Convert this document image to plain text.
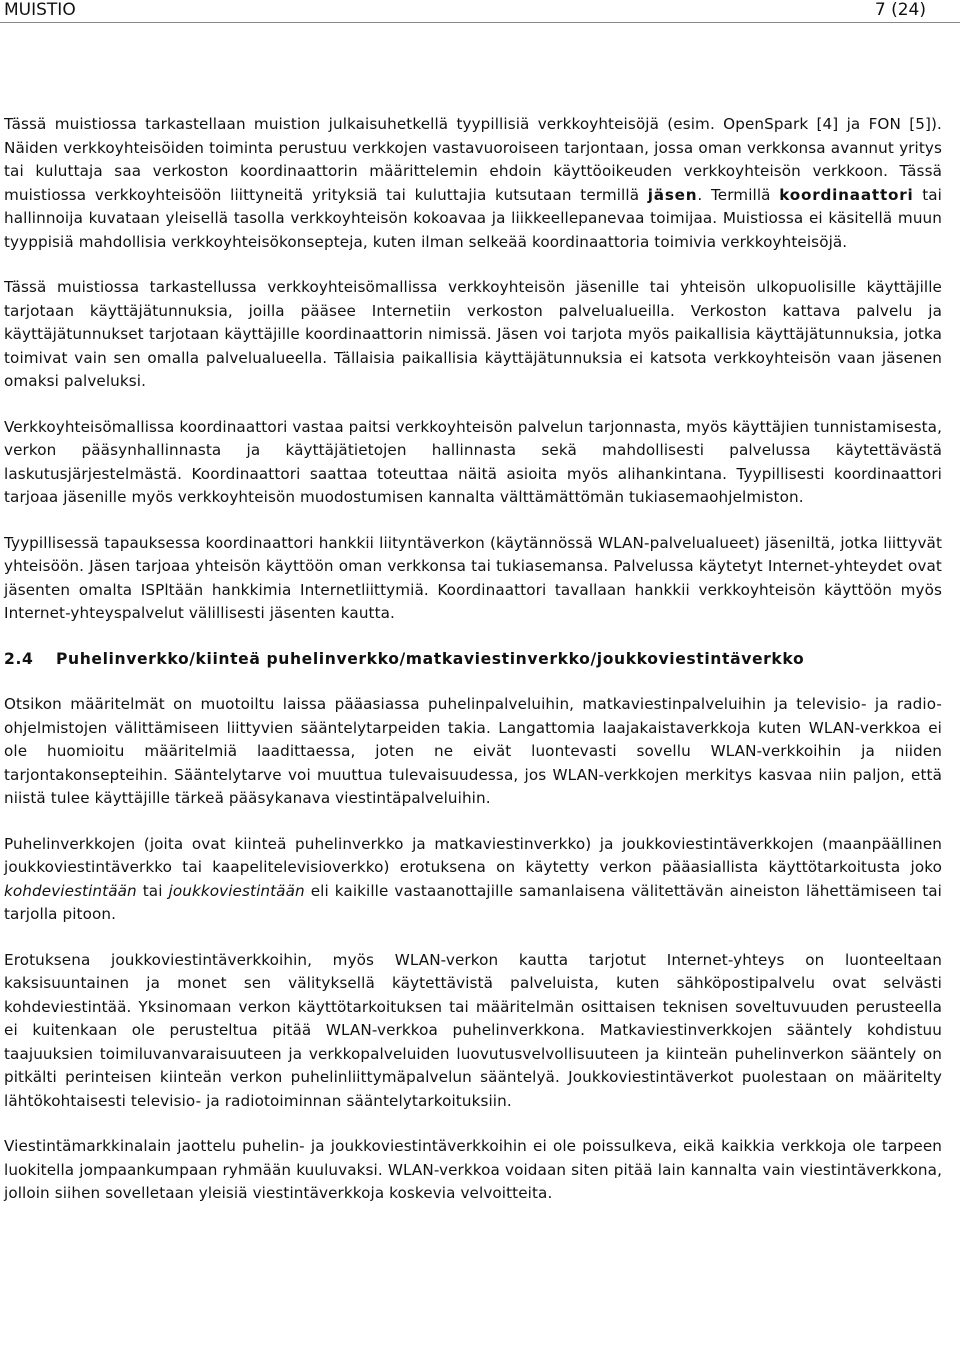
MUISTIO	7 (24)

Tässä muistiossa tarkastellaan muistion julkaisuhetkellä tyypillisiä verkkoyhteisöjä (esim. OpenSpark [4] ja FON [5]). Näiden verkkoyhteisöiden toiminta perustuu verkkojen vastavuoroiseen tarjontaan, jossa oman verkkonsa avannut yritys tai kuluttaja saa verkoston koordinaattorin määrittelemin ehdoin käyttöoikeuden verkkoyhteisön verkkoon. Tässä muistiossa verkkoyhteisöön liittyneitä yrityksiä tai kuluttajia kutsutaan termillä jäsen. Termillä koordinaattori tai hallinnoija kuvataan yleisellä tasolla verkkoyhteisön kokoavaa ja liikkeellepanevaa toimijaa. Muistiossa ei käsitellä muun tyyppisiä mahdollisia verkkoyhteisökonsepteja, kuten ilman selkeää koordinaattoria toimivia verkkoyhteisöjä.

Tässä muistiossa tarkastellussa verkkoyhteisömallissa verkkoyhteisön jäsenille tai yhteisön ulkopuolisille käyttäjille tarjotaan käyttäjätunnuksia, joilla pääsee Internetiin verkoston palvelualueilla. Verkoston kattava palvelu ja käyttäjätunnukset tarjotaan käyttäjille koordinaattorin nimissä. Jäsen voi tarjota myös paikallisia käyttäjätunnuksia, jotka toimivat vain sen omalla palvelualueella. Tällaisia paikallisia käyttäjätunnuksia ei katsota verkkoyhteisön vaan jäsenen omaksi palveluksi.

Verkkoyhteisömallissa koordinaattori vastaa paitsi verkkoyhteisön palvelun tarjonnasta, myös käyttäjien tunnistamisesta, verkon pääsynhallinnasta ja käyttäjätietojen hallinnasta sekä mahdollisesti palvelussa käytettävästä laskutusjärjestelmästä. Koordinaattori saattaa toteuttaa näitä asioita myös alihankintana. Tyypillisesti koordinaattori tarjoaa jäsenille myös verkkoyhteisön muodostumisen kannalta välttämättömän tukiasemaohjelmiston.

Tyypillisessä tapauksessa koordinaattori hankkii liityntäverkon (käytännössä WLAN-palvelualueet) jäseniltä, jotka liittyvät yhteisöön. Jäsen tarjoaa yhteisön käyttöön oman verkkonsa tai tukiasemansa. Palvelussa käytetyt Internet-yhteydet ovat jäsenten omalta ISPltään hankkimia Internetliittymiä. Koordinaattori tavallaan hankkii verkkoyhteisön käyttöön myös Internet-yhteyspalvelut välillisesti jäsenten kautta.

2.4 Puhelinverkko/kiinteä puhelinverkko/matkaviestinverkko/joukkoviestintäverkko

Otsikon määritelmät on muotoiltu laissa pääasiassa puhelinpalveluihin, matkaviestinpalveluihin ja televisio- ja radio-ohjelmistojen välittämiseen liittyvien sääntelytarpeiden takia. Langattomia laajakaistaverkkoja kuten WLAN-verkkoa ei ole huomioitu määritelmiä laadittaessa, joten ne eivät luontevasti sovellu WLAN-verkkoihin ja niiden tarjontakonsepteihin. Sääntelytarve voi muuttua tulevaisuudessa, jos WLAN-verkkojen merkitys kasvaa niin paljon, että niistä tulee käyttäjille tärkeä pääsykanava viestintäpalveluihin.

Puhelinverkkojen (joita ovat kiinteä puhelinverkko ja matkaviestinverkko) ja joukkoviestintäverkkojen (maanpäällinen joukkoviestintäverkko tai kaapelitelevisioverkko) erotuksena on käytetty verkon pääasiallista käyttötarkoitusta joko kohdeviestintään tai joukkoviestintään eli kaikille vastaanottajille samanlaisena välitettävän aineiston lähettämiseen tai tarjolla pitoon.

Erotuksena joukkoviestintäverkkoihin, myös WLAN-verkon kautta tarjotut Internet-yhteys on luonteeltaan kaksisuuntainen ja monet sen välityksellä käytettävistä palveluista, kuten sähköpostipalvelu ovat selvästi kohdeviestintää. Yksinomaan verkon käyttötarkoituksen tai määritelmän osittaisen teknisen soveltuvuuden perusteella ei kuitenkaan ole perusteltua pitää WLAN-verkkoa puhelinverkkona. Matkaviestinverkkojen sääntely kohdistuu taajuuksien toimiluvanvaraisuuteen ja verkkopalveluiden luovutusvelvollisuuteen ja kiinteän puhelinverkon sääntely on pitkälti perinteisen kiinteän verkon puhelinliittymäpalvelun sääntelyä. Joukkoviestintäverkot puolestaan on määritelty lähtökohtaisesti televisio- ja radiotoiminnan sääntelytarkoituksiin.

Viestintämarkkinalain jaottelu puhelin- ja joukkoviestintäverkkoihin ei ole poissulkeva, eikä kaikkia verkkoja ole tarpeen luokitella jompaankumpaan ryhmään kuuluvaksi. WLAN-verkkoa voidaan siten pitää lain kannalta vain viestintäverkkona, jolloin siihen sovelletaan yleisiä viestintäverkkoja koskevia velvoitteita.
